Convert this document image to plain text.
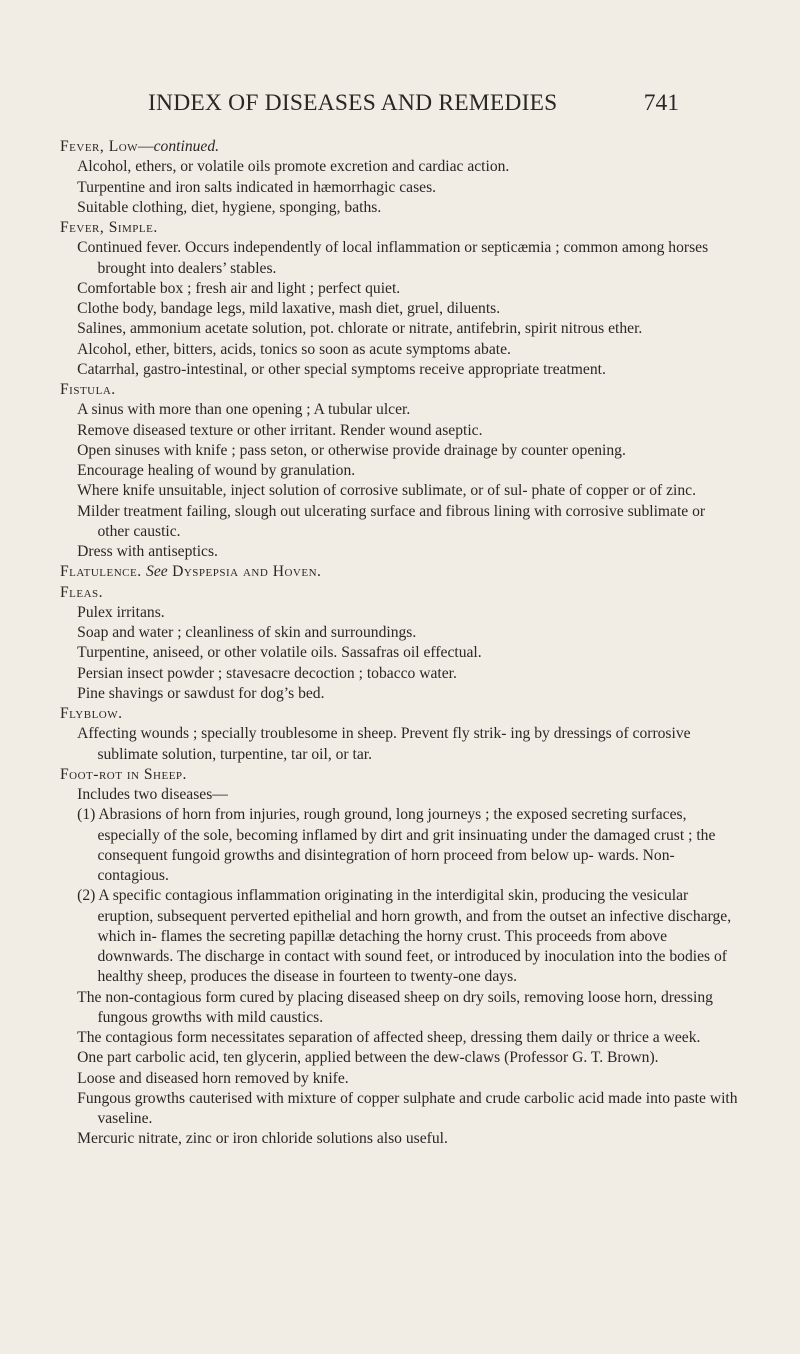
INDEX OF DISEASES AND REMEDIES	741
Fever, Low—continued.
Alcohol, ethers, or volatile oils promote excretion and cardiac action.
Turpentine and iron salts indicated in hæmorrhagic cases.
Suitable clothing, diet, hygiene, sponging, baths.
Fever, Simple.
Continued fever. Occurs independently of local inflammation or septicæmia ; common among horses brought into dealers’ stables.
Comfortable box ; fresh air and light ; perfect quiet.
Clothe body, bandage legs, mild laxative, mash diet, gruel, diluents.
Salines, ammonium acetate solution, pot. chlorate or nitrate, antifebrin, spirit nitrous ether.
Alcohol, ether, bitters, acids, tonics so soon as acute symptoms abate.
Catarrhal, gastro-intestinal, or other special symptoms receive appropriate treatment.
Fistula.
A sinus with more than one opening ; A tubular ulcer.
Remove diseased texture or other irritant. Render wound aseptic.
Open sinuses with knife ; pass seton, or otherwise provide drainage by counter opening.
Encourage healing of wound by granulation.
Where knife unsuitable, inject solution of corrosive sublimate, or of sul- phate of copper or of zinc.
Milder treatment failing, slough out ulcerating surface and fibrous lining with corrosive sublimate or other caustic.
Dress with antiseptics.
Flatulence. See Dyspepsia and Hoven.
Fleas.
Pulex irritans.
Soap and water ; cleanliness of skin and surroundings.
Turpentine, aniseed, or other volatile oils. Sassafras oil effectual.
Persian insect powder ; stavesacre decoction ; tobacco water.
Pine shavings or sawdust for dog’s bed.
Flyblow.
Affecting wounds ; specially troublesome in sheep. Prevent fly strik- ing by dressings of corrosive sublimate solution, turpentine, tar oil, or tar.
Foot-rot in Sheep.
Includes two diseases—
(1) Abrasions of horn from injuries, rough ground, long journeys ; the exposed secreting surfaces, especially of the sole, becoming inflamed by dirt and grit insinuating under the damaged crust ; the consequent fungoid growths and disintegration of horn proceed from below up- wards. Non-contagious.
(2) A specific contagious inflammation originating in the interdigital skin, producing the vesicular eruption, subsequent perverted epithelial and horn growth, and from the outset an infective discharge, which in- flames the secreting papillæ detaching the horny crust. This proceeds from above downwards. The discharge in contact with sound feet, or introduced by inoculation into the bodies of healthy sheep, produces the disease in fourteen to twenty-one days.
The non-contagious form cured by placing diseased sheep on dry soils, removing loose horn, dressing fungous growths with mild caustics.
The contagious form necessitates separation of affected sheep, dressing them daily or thrice a week.
One part carbolic acid, ten glycerin, applied between the dew-claws (Professor G. T. Brown).
Loose and diseased horn removed by knife.
Fungous growths cauterised with mixture of copper sulphate and crude carbolic acid made into paste with vaseline.
Mercuric nitrate, zinc or iron chloride solutions also useful.
